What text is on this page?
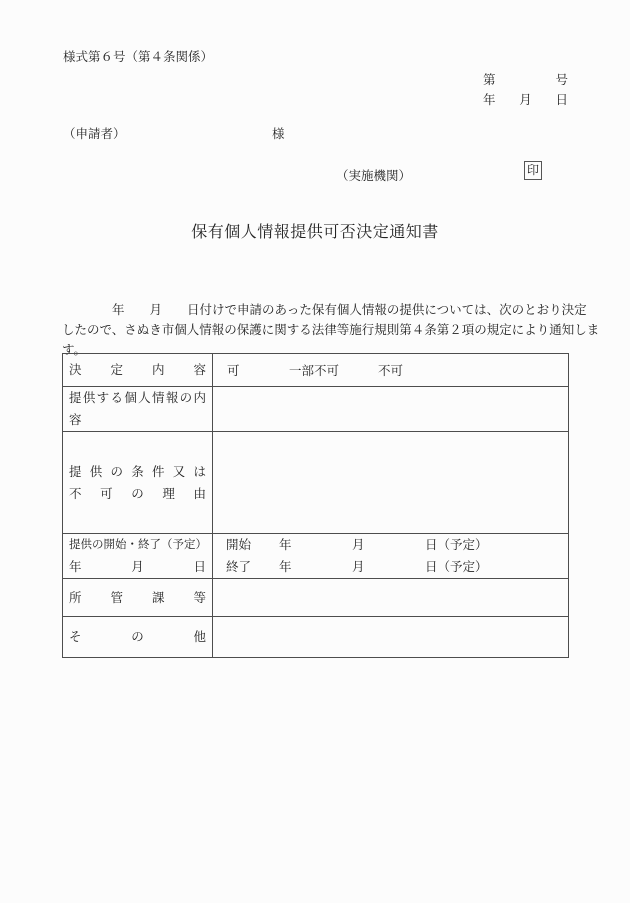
様式第６号（第４条関係）
第	号
年 月 日
（申請者）	様
（実施機関）	印
保有個人情報提供可否決定通知書
　　　　年　　月　　日付けで申請のあった保有個人情報の提供については、次のとおり決定
したので、さぬき市個人情報の保護に関する法律等施行規則第４条第２項の規定により通知しま
す。
決定内容	可 一部不可 不可

提供する個人情報の内容	

提供の条件又は
不可の理由	

提供の開始・終了（予定）
年月日

開始 年	月	日（予定）
終了 年	月	日（予定）

所管課等	

その他	
